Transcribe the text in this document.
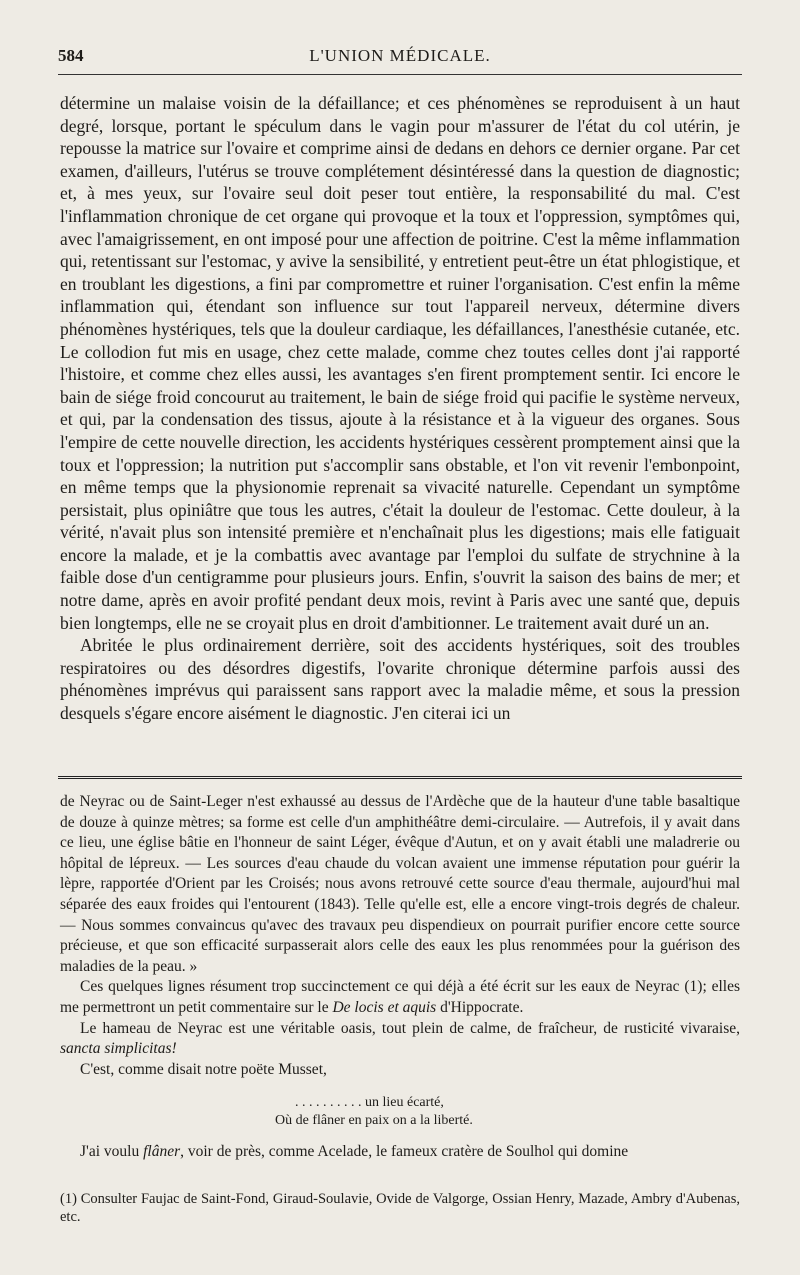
584	L'UNION MÉDICALE.

détermine un malaise voisin de la défaillance; et ces phénomènes se reproduisent à un haut degré, lorsque, portant le spéculum dans le vagin pour m'assurer de l'état du col utérin, je repousse la matrice sur l'ovaire et comprime ainsi de dedans en dehors ce dernier organe. Par cet examen, d'ailleurs, l'utérus se trouve complétement désintéressé dans la question de diagnostic; et, à mes yeux, sur l'ovaire seul doit peser tout entière, la responsabilité du mal. C'est l'inflammation chronique de cet organe qui provoque et la toux et l'oppression, symptômes qui, avec l'amaigrissement, en ont imposé pour une affection de poitrine. C'est la même inflammation qui, retentissant sur l'estomac, y avive la sensibilité, y entretient peut-être un état phlogistique, et en troublant les digestions, a fini par compromettre et ruiner l'organisation. C'est enfin la même inflammation qui, étendant son influence sur tout l'appareil nerveux, détermine divers phénomènes hystériques, tels que la douleur cardiaque, les défaillances, l'anesthésie cutanée, etc. Le collodion fut mis en usage, chez cette malade, comme chez toutes celles dont j'ai rapporté l'histoire, et comme chez elles aussi, les avantages s'en firent promptement sentir. Ici encore le bain de siége froid concourut au traitement, le bain de siége froid qui pacifie le système nerveux, et qui, par la condensation des tissus, ajoute à la résistance et à la vigueur des organes. Sous l'empire de cette nouvelle direction, les accidents hystériques cessèrent promptement ainsi que la toux et l'oppression; la nutrition put s'accomplir sans obstable, et l'on vit revenir l'embonpoint, en même temps que la physionomie reprenait sa vivacité naturelle. Cependant un symptôme persistait, plus opiniâtre que tous les autres, c'était la douleur de l'estomac. Cette douleur, à la vérité, n'avait plus son intensité première et n'enchaînait plus les digestions; mais elle fatiguait encore la malade, et je la combattis avec avantage par l'emploi du sulfate de strychnine à la faible dose d'un centigramme pour plusieurs jours. Enfin, s'ouvrit la saison des bains de mer; et notre dame, après en avoir profité pendant deux mois, revint à Paris avec une santé que, depuis bien longtemps, elle ne se croyait plus en droit d'ambitionner. Le traitement avait duré un an.

Abritée le plus ordinairement derrière, soit des accidents hystériques, soit des troubles respiratoires ou des désordres digestifs, l'ovarite chronique détermine parfois aussi des phénomènes imprévus qui paraissent sans rapport avec la maladie même, et sous la pression desquels s'égare encore aisément le diagnostic. J'en citerai ici un

de Neyrac ou de Saint-Leger n'est exhaussé au dessus de l'Ardèche que de la hauteur d'une table basaltique de douze à quinze mètres; sa forme est celle d'un amphithéâtre demi-circulaire. — Autrefois, il y avait dans ce lieu, une église bâtie en l'honneur de saint Léger, évêque d'Autun, et on y avait établi une maladrerie ou hôpital de lépreux. — Les sources d'eau chaude du volcan avaient une immense réputation pour guérir la lèpre, rapportée d'Orient par les Croisés; nous avons retrouvé cette source d'eau thermale, aujourd'hui mal séparée des eaux froides qui l'entourent (1843). Telle qu'elle est, elle a encore vingt-trois degrés de chaleur. — Nous sommes convaincus qu'avec des travaux peu dispendieux on pourrait purifier encore cette source précieuse, et que son efficacité surpasserait alors celle des eaux les plus renommées pour la guérison des maladies de la peau. »

Ces quelques lignes résument trop succinctement ce qui déjà a été écrit sur les eaux de Neyrac (1); elles me permettront un petit commentaire sur le De locis et aquis d'Hippocrate.

Le hameau de Neyrac est une véritable oasis, tout plein de calme, de fraîcheur, de rusticité vivaraise, sancta simplicitas!

C'est, comme disait notre poëte Musset,

. . . . . . . . . . un lieu écarté,
Où de flâner en paix on a la liberté.

J'ai voulu flâner, voir de près, comme Acelade, le fameux cratère de Soulhol qui domine

(1) Consulter Faujac de Saint-Fond, Giraud-Soulavie, Ovide de Valgorge, Ossian Henry, Mazade, Ambry d'Aubenas, etc.
